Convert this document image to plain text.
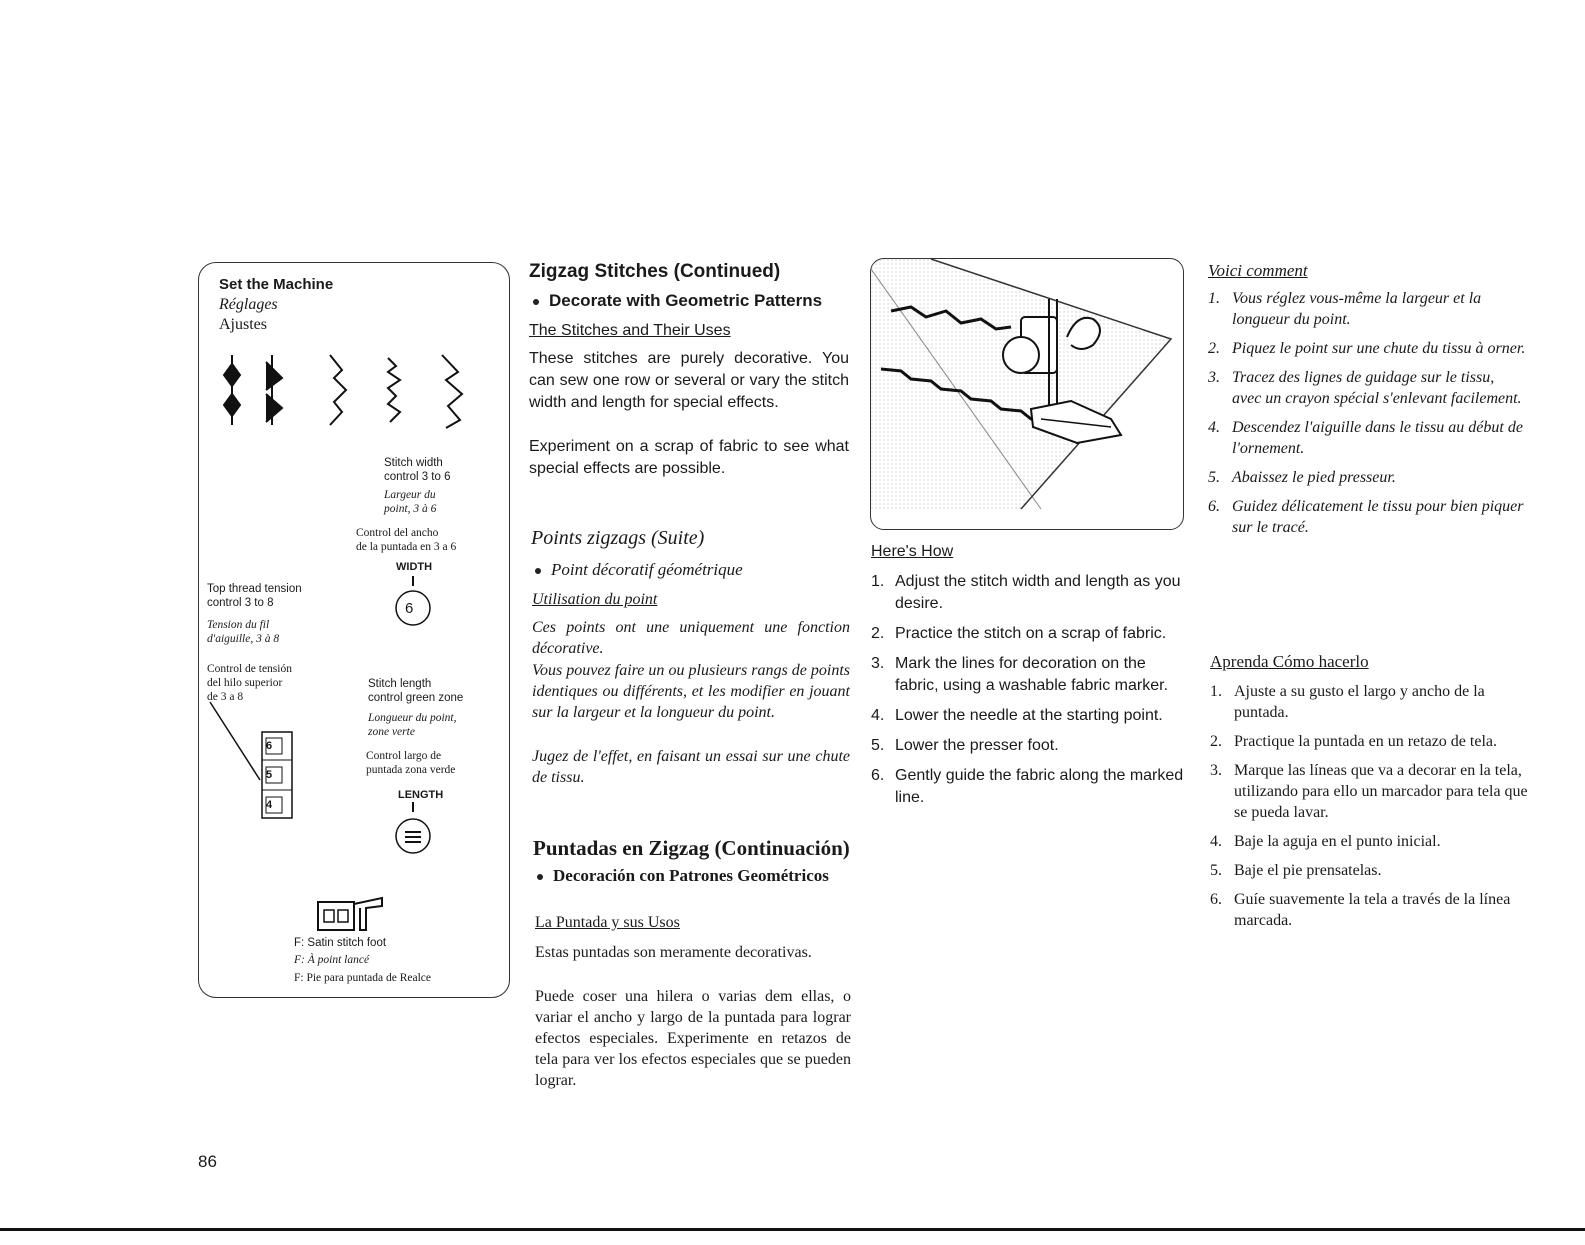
Set the Machine
Réglages
Ajustes
Stitch width
control 3 to 6
Largeur du
point, 3 à 6
Control del ancho
de la puntada en 3 a 6
WIDTH
6
Top thread tension
control 3 to 8
Tension du fil
d'aiguille, 3 à 8
Control de tensión
del hilo superior
de 3 a 8
6
5
4
Stitch length
control green zone
Longueur du point,
zone verte
Control largo de
puntada zona verde
LENGTH
F: Satin stitch foot
F: À point lancé
F: Pie para puntada de Realce
Zigzag Stitches (Continued)
Decorate with Geometric Patterns
The Stitches and Their Uses
These stitches are purely decorative. You can sew one row or several or vary the stitch width and length for special effects.
Experiment on a scrap of fabric to see what special effects are possible.
Points zigzags (Suite)
Point décoratif géométrique
Utilisation du point
Ces points ont une uniquement une fonction décorative.
Vous pouvez faire un ou plusieurs rangs de points identiques ou différents, et les modifier en jouant sur la largeur et la longueur du point.
Jugez de l'effet, en faisant un essai sur une chute de tissu.
Puntadas en Zigzag (Continuación)
Decoración con Patrones Geométricos
La Puntada y sus Usos
Estas puntadas son meramente decorativas.
Puede coser una hilera o varias dem ellas, o variar el ancho y largo de la puntada para lograr efectos especiales. Experimente en retazos de tela para ver los efectos especiales que se pueden lograr.
Here's How
1. Adjust the stitch width and length as you desire.
2. Practice the stitch on a scrap of fabric.
3. Mark the lines for decoration on the fabric, using a washable fabric marker.
4. Lower the needle at the starting point.
5. Lower the presser foot.
6. Gently guide the fabric along the marked line.
Voici comment
1. Vous réglez vous-même la largeur et la longueur du point.
2. Piquez le point sur une chute du tissu à orner.
3. Tracez des lignes de guidage sur le tissu, avec un crayon spécial s'enlevant facilement.
4. Descendez l'aiguille dans le tissu au début de l'ornement.
5. Abaissez le pied presseur.
6. Guidez délicatement le tissu pour bien piquer sur le tracé.
Aprenda Cómo hacerlo
1. Ajuste a su gusto el largo y ancho de la puntada.
2. Practique la puntada en un retazo de tela.
3. Marque las líneas que va a decorar en la tela, utilizando para ello un marcador para tela que se pueda lavar.
4. Baje la aguja en el punto inicial.
5. Baje el pie prensatelas.
6. Guíe suavemente la tela a través de la línea marcada.
86
